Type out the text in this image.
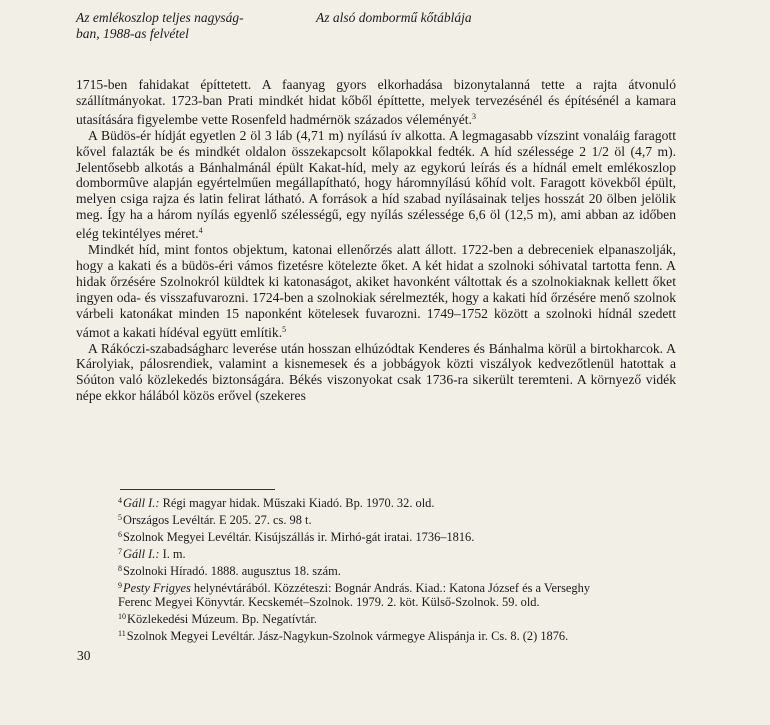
Az emlékoszlop teljes nagyság-
ban, 1988-as felvétel
Az alsó dombormű kőtáblája

1715-ben fahidakat építtetett. A faanyag gyors elkorhadása bizonytalanná tette a rajta átvonuló szállítmányokat. 1723-ban Prati mindkét hidat kőből építtette, melyek tervezésénél és építésénél a kamara utasítására figyelembe vette Rosenfeld hadmérnök százados véleményét.$^3$

A Büdös-ér hídját egyetlen 2 öl 3 láb (4,71 m) nyílású ív alkotta. A legmagasabb vízszint vonaláig faragott kővel falazták be és mindkét oldalon összekapcsolt kőlapokkal fedték. A híd szélessége 2 1/2 öl (4,7 m). Jelentősebb alkotás a Bánhalmánál épült Kakat-híd, mely az egykorú leírás és a hídnál emelt emlékoszlop dombormûve alapján egyértelműen megállapítható, hogy háromnyílású kőhíd volt. Faragott kövekből épült, melyen csiga rajza és latin felirat látható. A források a híd szabad nyílásainak teljes hosszát 20 ölben jelölik meg. Így ha a három nyílás egyenlő szélességű, egy nyílás szélessége 6,6 öl (12,5 m), ami abban az időben elég tekintélyes méret.$^4$

Mindkét híd, mint fontos objektum, katonai ellenőrzés alatt állott. 1722-ben a debreceniek elpanaszolják, hogy a kakati és a büdös-éri vámos fizetésre kötelezte őket. A két hidat a szolnoki sóhivatal tartotta fenn. A hidak őrzésére Szolnokról küldtek ki katonaságot, akiket havonként váltottak és a szolnokiaknak kellett őket ingyen oda- és visszafuvarozni. 1724-ben a szolnokiak sérelmezték, hogy a kakati híd őrzésére menő szolnok várbeli katonákat minden 15 naponként kötelesek fuvarozni. 1749–1752 között a szolnoki hídnál szedett vámot a kakati hídéval együtt említik.$^5$

A Rákóczi-szabadságharc leverése után hosszan elhúzódtak Kenderes és Bánhalma körül a birtokharcok. A Károlyiak, pálosrendiek, valamint a kisnemesek és a jobbágyok közti viszályok kedvezőtlenül hatottak a Sóúton való közlekedés biztonságára. Békés viszonyokat csak 1736-ra sikerült teremteni. A környező vidék népe ekkor hálából közös erővel (szekeres

$^4$Gáll I.: Régi magyar hidak. Műszaki Kiadó. Bp. 1970. 32. old.
$^5$Országos Levéltár. E 205. 27. cs. 98 t.
$^6$Szolnok Megyei Levéltár. Kisújszállás ir. Mirhó-gát iratai. 1736–1816.
$^7$Gáll I.: I. m.
$^8$Szolnoki Híradó. 1888. augusztus 18. szám.
$^9$Pesty Frigyes helynévtárából. Közzéteszi: Bognár András. Kiad.: Katona József és a Verseghy
Ferenc Megyei Könyvtár. Kecskemét–Szolnok. 1979. 2. köt. Külső-Szolnok. 59. old.
$^{10}$Közlekedési Múzeum. Bp. Negatívtár.
$^{11}$Szolnok Megyei Levéltár. Jász-Nagykun-Szolnok vármegye Alispánja ir. Cs. 8. (2) 1876.
30
